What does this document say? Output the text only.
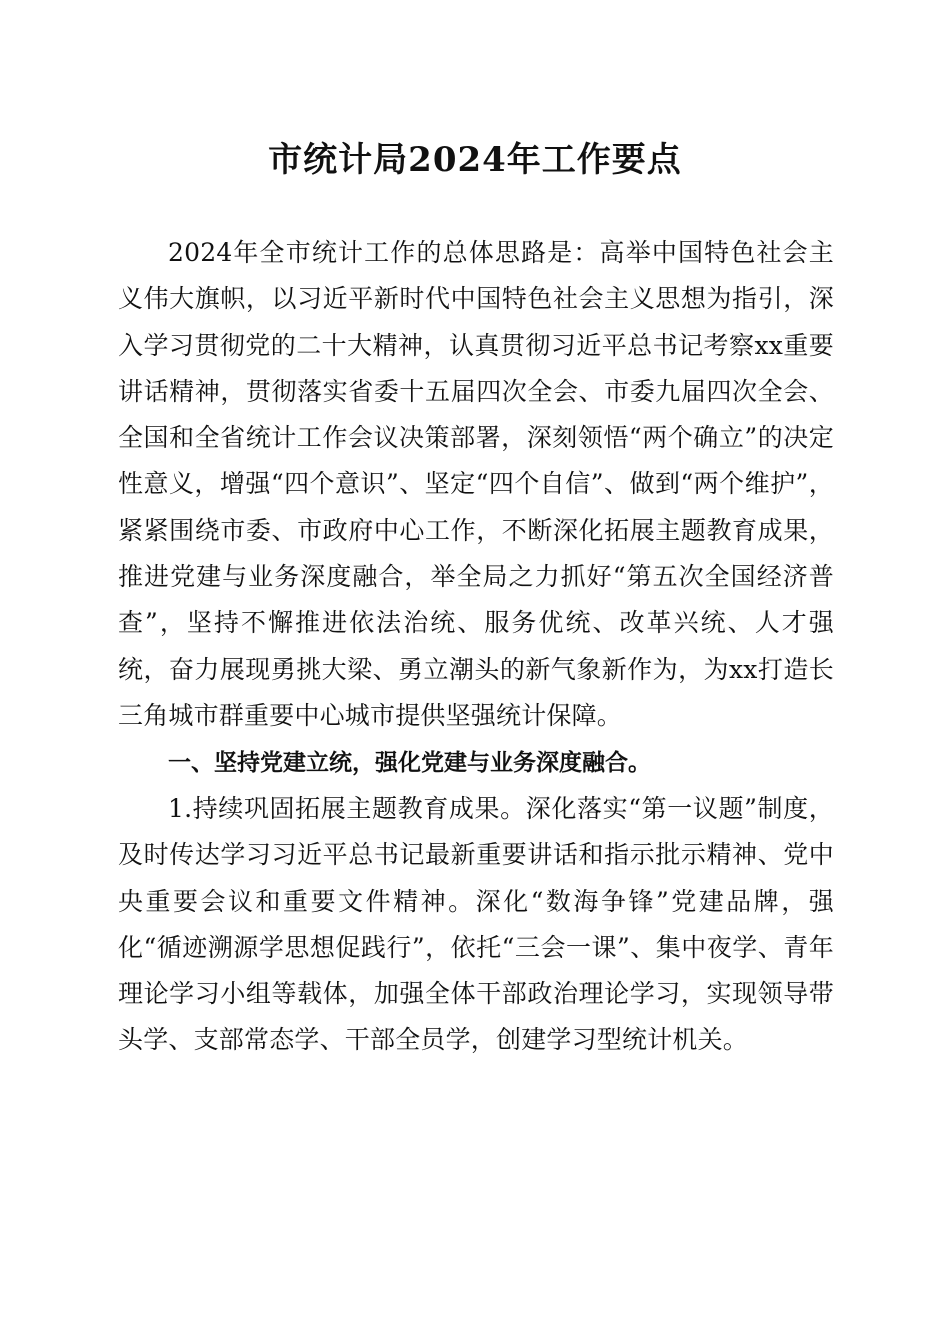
市统计局2024年工作要点

2024年全市统计工作的总体思路是：高举中国特色社会主义伟大旗帜，以习近平新时代中国特色社会主义思想为指引，深入学习贯彻党的二十大精神，认真贯彻习近平总书记考察xx重要讲话精神，贯彻落实省委十五届四次全会、市委九届四次全会、全国和全省统计工作会议决策部署，深刻领悟“两个确立”的决定性意义，增强“四个意识”、坚定“四个自信”、做到“两个维护”，紧紧围绕市委、市政府中心工作，不断深化拓展主题教育成果，推进党建与业务深度融合，举全局之力抓好“第五次全国经济普查”，坚持不懈推进依法治统、服务优统、改革兴统、人才强统，奋力展现勇挑大梁、勇立潮头的新气象新作为，为xx打造长三角城市群重要中心城市提供坚强统计保障。

一、坚持党建立统，强化党建与业务深度融合。

1.持续巩固拓展主题教育成果。深化落实“第一议题”制度，及时传达学习习近平总书记最新重要讲话和指示批示精神、党中央重要会议和重要文件精神。深化“数海争锋”党建品牌，强化“循迹溯源学思想促践行”，依托“三会一课”、集中夜学、青年理论学习小组等载体，加强全体干部政治理论学习，实现领导带头学、支部常态学、干部全员学，创建学习型统计机关。
